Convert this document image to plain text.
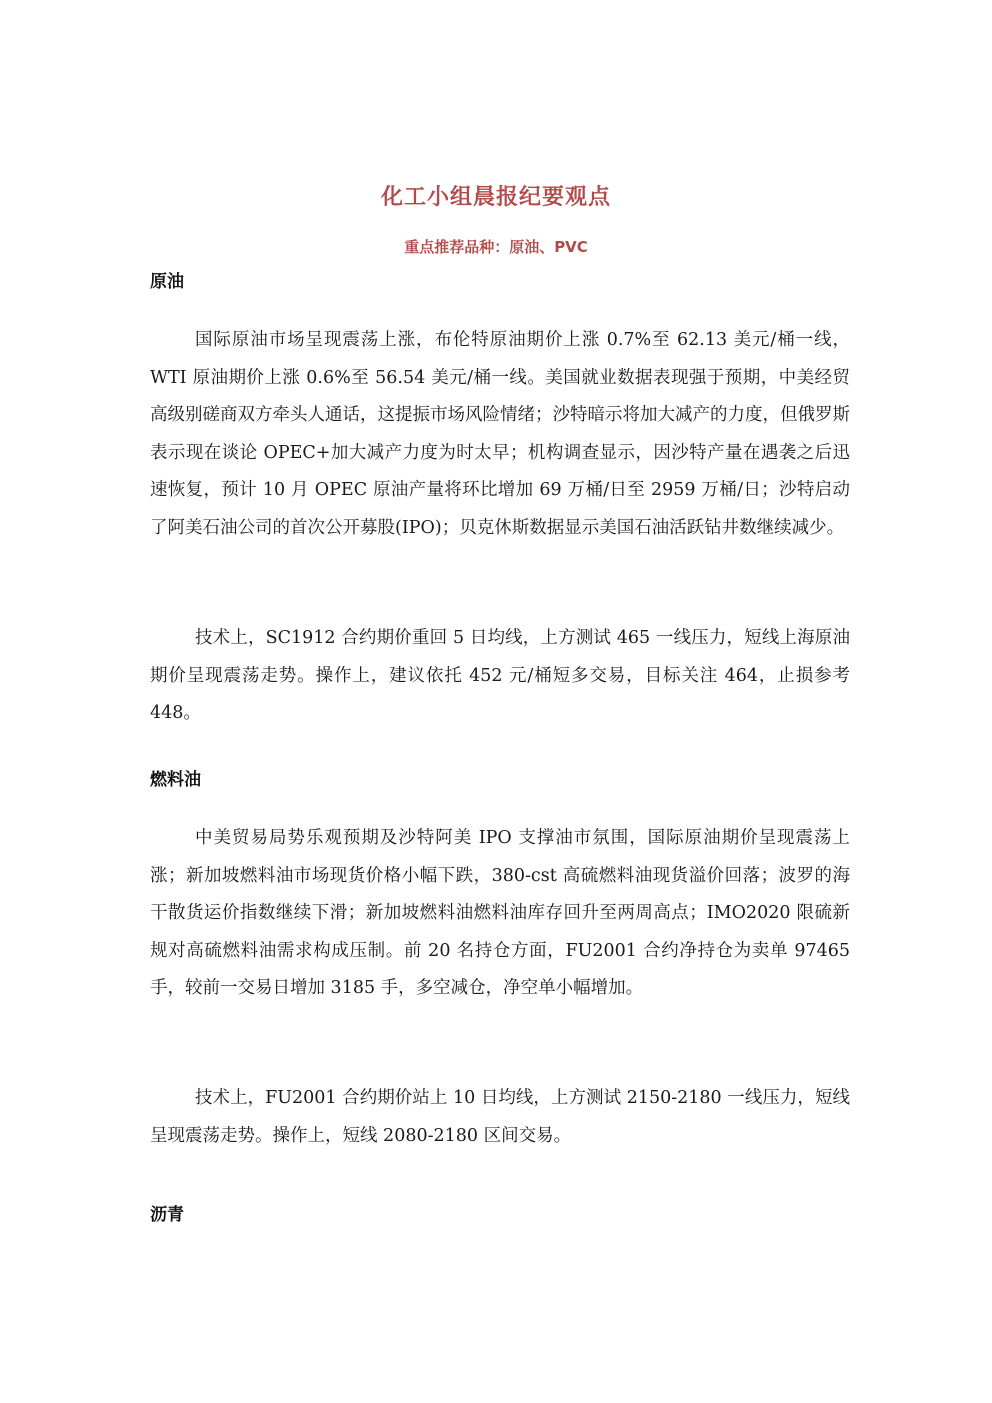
化工小组晨报纪要观点
重点推荐品种：原油、PVC
原油

国际原油市场呈现震荡上涨，布伦特原油期价上涨 0.7%至 62.13 美元/桶一线，WTI 原油期价上涨 0.6%至 56.54 美元/桶一线。美国就业数据表现强于预期，中美经贸高级别磋商双方牵头人通话，这提振市场风险情绪；沙特暗示将加大减产的力度，但俄罗斯表示现在谈论 OPEC+加大减产力度为时太早；机构调查显示，因沙特产量在遇袭之后迅速恢复，预计 10 月 OPEC 原油产量将环比增加 69 万桶/日至 2959 万桶/日；沙特启动了阿美石油公司的首次公开募股(IPO)；贝克休斯数据显示美国石油活跃钻井数继续减少。

技术上，SC1912 合约期价重回 5 日均线，上方测试 465 一线压力，短线上海原油期价呈现震荡走势。操作上，建议依托 452 元/桶短多交易，目标关注 464，止损参考 448。

燃料油

中美贸易局势乐观预期及沙特阿美 IPO 支撑油市氛围，国际原油期价呈现震荡上涨；新加坡燃料油市场现货价格小幅下跌，380-cst 高硫燃料油现货溢价回落；波罗的海干散货运价指数继续下滑；新加坡燃料油燃料油库存回升至两周高点；IMO2020 限硫新规对高硫燃料油需求构成压制。前 20 名持仓方面，FU2001 合约净持仓为卖单 97465 手，较前一交易日增加 3185 手，多空减仓，净空单小幅增加。

技术上，FU2001 合约期价站上 10 日均线，上方测试 2150-2180 一线压力，短线呈现震荡走势。操作上，短线 2080-2180 区间交易。

沥青
